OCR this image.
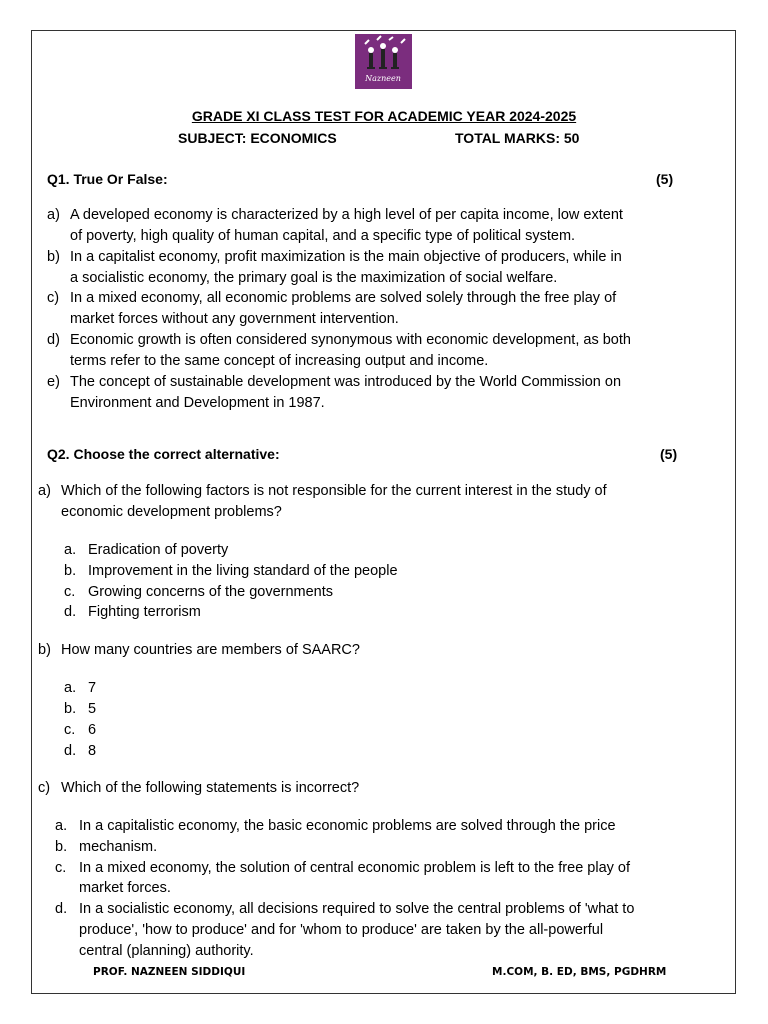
Nazneen
GRADE XI CLASS TEST FOR ACADEMIC YEAR 2024-2025
SUBJECT: ECONOMICS	TOTAL MARKS: 50
Q1. True Or False:	(5)
a) A developed economy is characterized by a high level of per capita income, low extent
of poverty, high quality of human capital, and a specific type of political system.
b) In a capitalist economy, profit maximization is the main objective of producers, while in
a socialistic economy, the primary goal is the maximization of social welfare.
c) In a mixed economy, all economic problems are solved solely through the free play of
market forces without any government intervention.
d) Economic growth is often considered synonymous with economic development, as both
terms refer to the same concept of increasing output and income.
e) The concept of sustainable development was introduced by the World Commission on
Environment and Development in 1987.
Q2. Choose the correct alternative:	(5)
a) Which of the following factors is not responsible for the current interest in the study of
economic development problems?
a. Eradication of poverty
b. Improvement in the living standard of the people
c. Growing concerns of the governments
d. Fighting terrorism
b) How many countries are members of SAARC?
a. 7
b. 5
c. 6
d. 8
c) Which of the following statements is incorrect?
a. In a capitalistic economy, the basic economic problems are solved through the price
b. mechanism.
c. In a mixed economy, the solution of central economic problem is left to the free play of
market forces.
d. In a socialistic economy, all decisions required to solve the central problems of 'what to
produce', 'how to produce' and for 'whom to produce' are taken by the all-powerful
central (planning) authority.
PROF. NAZNEEN SIDDIQUI	M.COM, B. ED, BMS, PGDHRM
